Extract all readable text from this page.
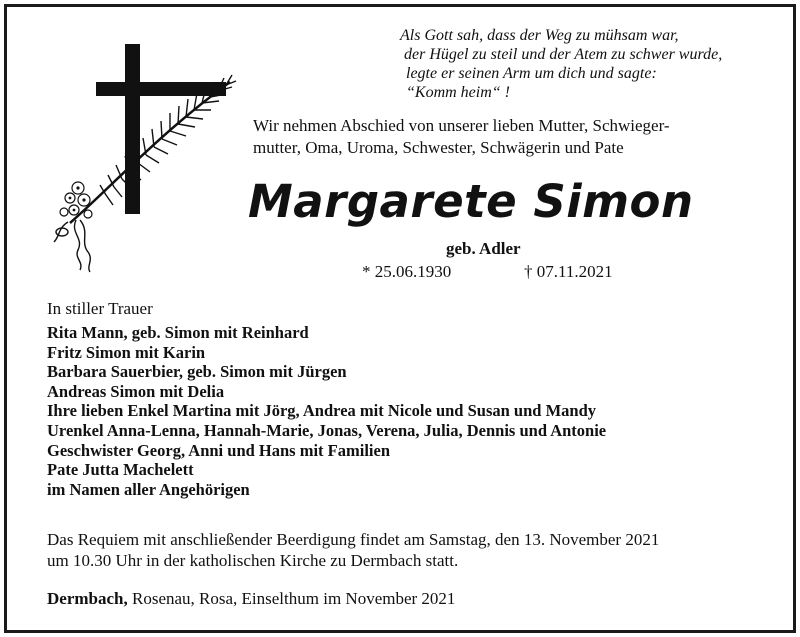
Als Gott sah, dass der Weg zu mühsam war,
der Hügel zu steil und der Atem zu schwer wurde,
legte er seinen Arm um dich und sagte:
“Komm heim“ !
Wir nehmen Abschied von unserer lieben Mutter, Schwieger-
mutter, Oma, Uroma, Schwester, Schwägerin und Pate
Margarete Simon
geb. Adler
* 25.06.1930	† 07.11.2021
In stiller Trauer
Rita Mann, geb. Simon mit Reinhard
Fritz Simon mit Karin
Barbara Sauerbier, geb. Simon mit Jürgen
Andreas Simon mit Delia
Ihre lieben Enkel Martina mit Jörg, Andrea mit Nicole und Susan und Mandy
Urenkel Anna-Lenna, Hannah-Marie, Jonas, Verena, Julia, Dennis und Antonie
Geschwister Georg, Anni und Hans mit Familien
Pate Jutta Machelett
im Namen aller Angehörigen
Das Requiem mit anschließender Beerdigung findet am Samstag, den 13. November 2021
um 10.30 Uhr in der katholischen Kirche zu Dermbach statt.
Dermbach, Rosenau, Rosa, Einselthum im November 2021
